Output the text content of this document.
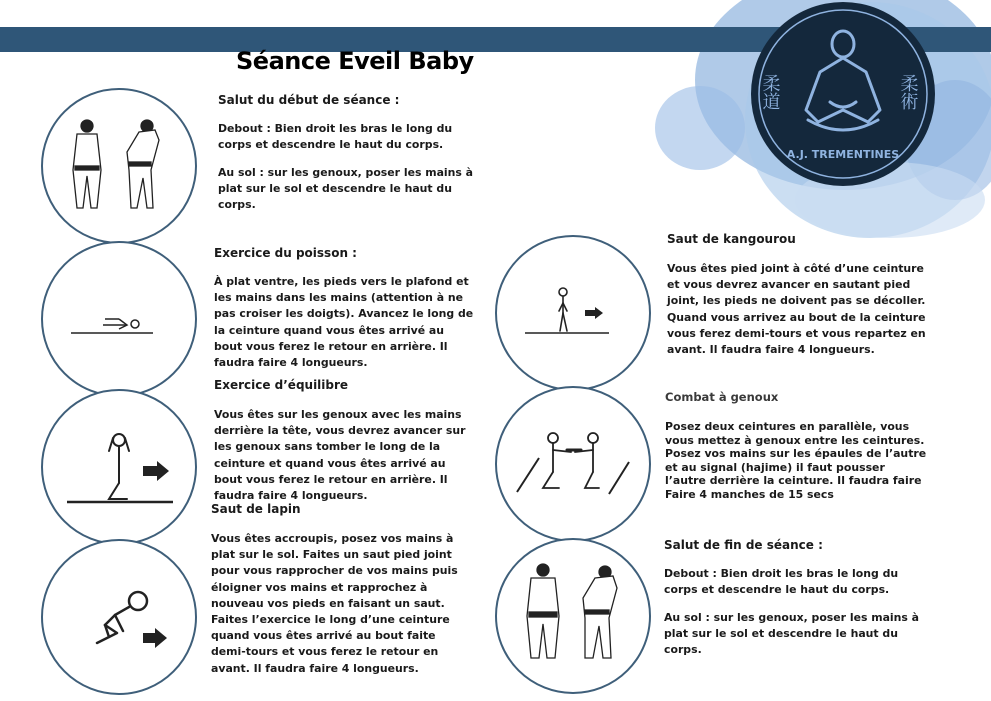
柔道	柔術
A.J. TREMENTINES
Séance Eveil Baby
Salut du début de séance :

Debout : Bien droit les bras le long du corps et descendre le haut du corps.

Au sol : sur les genoux, poser les mains à plat sur le sol et descendre le haut du corps.

Exercice du poisson :

À plat ventre, les pieds vers le plafond et les mains dans les mains (attention à ne pas croiser les doigts). Avancez le long de la ceinture quand vous êtes arrivé au bout vous ferez le retour en arrière. Il faudra faire 4 longueurs.

Exercice d’équilibre

Vous êtes sur les genoux avec les mains derrière la tête, vous devrez avancer sur les genoux sans tomber le long de la ceinture et quand vous êtes arrivé au bout vous ferez le retour en arrière. Il faudra faire 4 longueurs.

Saut de lapin

Vous êtes accroupis, posez vos mains à plat sur le sol. Faites un saut pied joint pour vous rapprocher de vos mains puis éloigner vos mains et rapprochez à nouveau vos pieds en faisant un saut. Faites l’exercice le long d’une ceinture quand vous êtes arrivé au bout faite demi-tours et vous ferez le retour en avant. Il faudra faire 4 longueurs.

Saut de kangourou

Vous êtes pied joint à côté d’une ceinture et vous devrez avancer en sautant pied joint, les pieds ne doivent pas se décoller. Quand vous arrivez au bout de la ceinture vous ferez demi-tours et vous repartez en avant. Il faudra faire 4 longueurs.

Combat à genoux

Posez deux ceintures en parallèle, vous vous mettez à genoux entre les ceintures. Posez vos mains sur les épaules de l’autre et au signal (hajime) il faut pousser l’autre derrière la ceinture. Il faudra faire Faire 4 manches de 15 secs

Salut de fin de séance :

Debout : Bien droit les bras le long du corps et descendre le haut du corps.

Au sol : sur les genoux, poser les mains à plat sur le sol et descendre le haut du corps.
